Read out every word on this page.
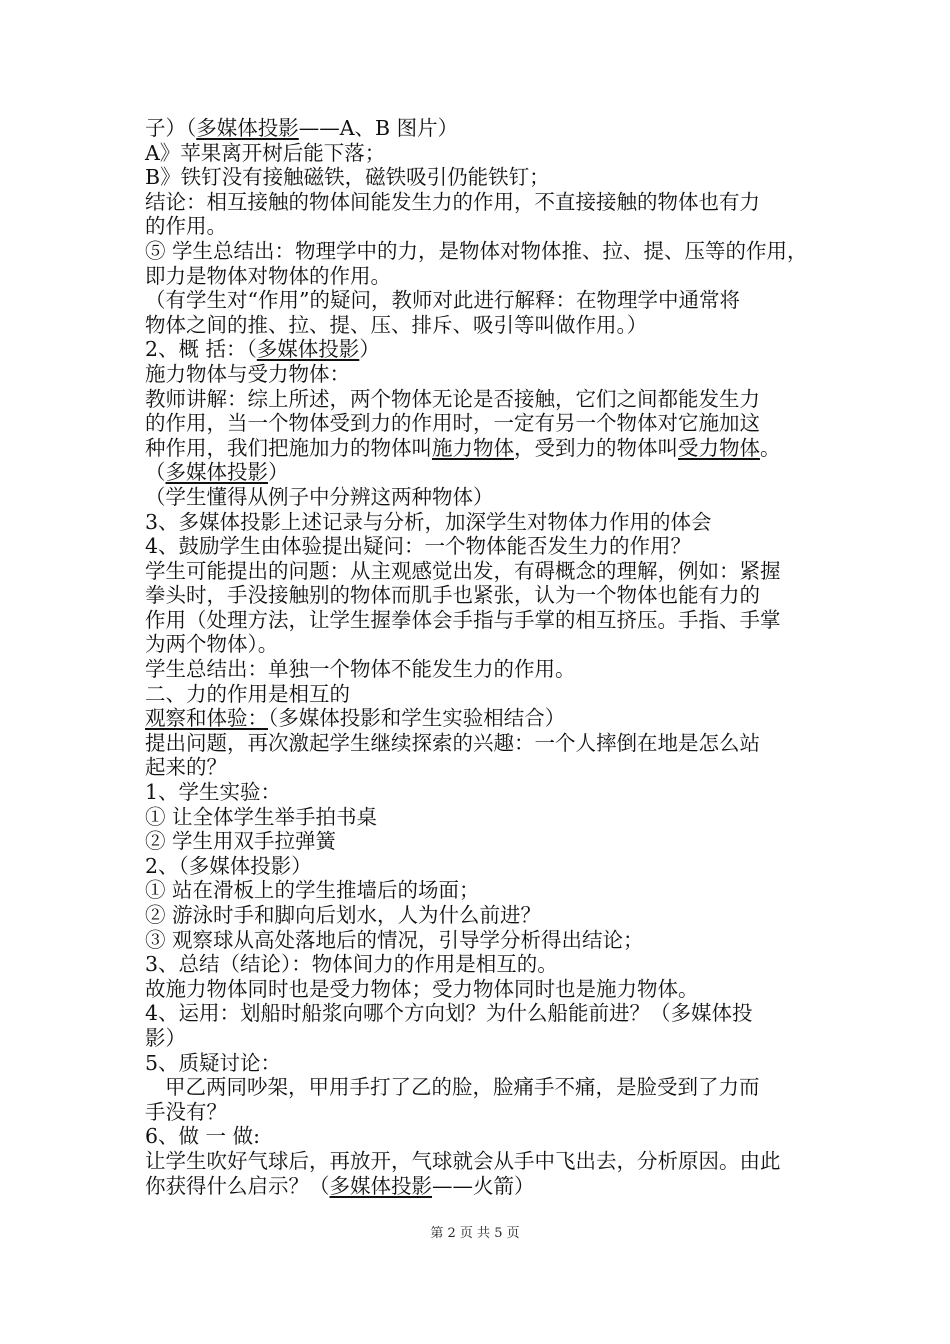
子）（多媒体投影——A、B 图片）
A》苹果离开树后能下落；
B》铁钉没有接触磁铁，磁铁吸引仍能铁钉；
结论：相互接触的物体间能发生力的作用，不直接接触的物体也有力
的作用。
⑤ 学生总结出：物理学中的力，是物体对物体推、拉、提、压等的作用，
即力是物体对物体的作用。
（有学生对“作用”的疑问，教师对此进行解释：在物理学中通常将
物体之间的推、拉、提、压、排斥、吸引等叫做作用。）
2、概 括：（多媒体投影）
施力物体与受力物体：
教师讲解：综上所述，两个物体无论是否接触，它们之间都能发生力
的作用，当一个物体受到力的作用时，一定有另一个物体对它施加这
种作用，我们把施加力的物体叫施力物体，受到力的物体叫受力物体。
（多媒体投影）
（学生懂得从例子中分辨这两种物体）
3、多媒体投影上述记录与分析，加深学生对物体力作用的体会
4、鼓励学生由体验提出疑问：一个物体能否发生力的作用？
学生可能提出的问题：从主观感觉出发，有碍概念的理解，例如：紧握
拳头时，手没接触别的物体而肌手也紧张，认为一个物体也能有力的
作用（处理方法，让学生握拳体会手指与手掌的相互挤压。手指、手掌
为两个物体）。
学生总结出：单独一个物体不能发生力的作用。
二、力的作用是相互的
观察和体验：（多媒体投影和学生实验相结合）
提出问题，再次激起学生继续探索的兴趣：一个人摔倒在地是怎么站
起来的？
1、学生实验：
① 让全体学生举手拍书桌
② 学生用双手拉弹簧
2、（多媒体投影）
① 站在滑板上的学生推墙后的场面；
② 游泳时手和脚向后划水，人为什么前进？
③ 观察球从高处落地后的情况，引导学分析得出结论；
3、总结（结论）：物体间力的作用是相互的。
故施力物体同时也是受力物体；受力物体同时也是施力物体。
4、运用：划船时船浆向哪个方向划？为什么船能前进？（多媒体投
影）
5、质疑讨论：
甲乙两同吵架，甲用手打了乙的脸，脸痛手不痛，是脸受到了力而
手没有？
6、做 一 做:
让学生吹好气球后，再放开，气球就会从手中飞出去，分析原因。由此
你获得什么启示？（多媒体投影——火箭）
第 2 页 共 5 页
